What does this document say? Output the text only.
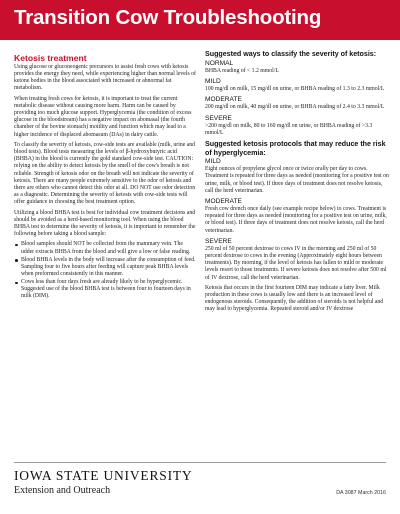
Transition Cow Troubleshooting
Ketosis treatment

Using glucose or gluconeogenic precursors to assist fresh cows with ketosis provides the energy they need, while experiencing higher than normal levels of ketone bodies in the blood associated with increased or abnormal fat metabolism.

When treating fresh cows for ketosis, it is important to treat the current metabolic disease without causing more harm. Harm can be caused by providing too much glucose support. Hyperglycemia (the condition of excess glucose in the bloodstream) has a negative impact on abomasal (the fourth chamber of the bovine stomach) motility and function which may lead to a higher incidence of displaced abomasum (DAs) in dairy cattle.

To classify the severity of ketosis, cow-side tests are available (milk, urine and blood tests). Blood tests measuring the levels of β-hydroxybutyric acid (BHBA) in the blood is currently the gold standard cow-side test. CAUTION: relying on the ability to detect ketosis by the smell of the cow's breath is not reliable. Strength of ketosis odor on the breath will not indicate the severity of ketosis. There are many people extremely sensitive to the odor of ketosis and there are others who cannot detect this odor at all. DO NOT use odor detection as a diagnostic. Determining the severity of ketosis with cow-side tests will offer guidance in choosing the best treatment option.

Utilizing a blood BHBA test is best for individual cow treatment decisions and should be avoided as a herd-based monitoring tool. When using the blood BHBA test to determine the severity of ketosis, it is important to remember the following before taking a blood sample:

Blood samples should NOT be collected from the mammary vein. The udder extracts BHBA from the blood and will give a low or false reading.
Blood BHBA levels in the body will increase after the consumption of feed. Sampling four to five hours after feeding will capture peak BHBA levels when preformed consistently in this manner.
Cows less than four days fresh are already likely to be hyperglycemic. Suggested use of the blood BHBA test is between four to fourteen days in milk (DIM).
Suggested ways to classify the severity of ketosis:
NORMAL

BHBA reading of < 1.2 mmol/L

MILD

100 mg/dl on milk, 15 mg/dl on urine, or BHBA reading of 1.3 to 2.3 mmol/L

MODERATE

200 mg/dl on milk, 40 mg/dl on urine, or BHBA reading of 2.4 to 3.3 mmol/L

SEVERE

>200 mg/dl on milk, 80 to 160 mg/dl on urine, or BHBA reading of >3.3 mmol/L

Suggested ketosis protocols that may reduce the risk of hyperglycemia:
MILD

Eight ounces of propylene glycol once or twice orally per day to cows. Treatment is repeated for three days as needed (monitoring for a positive test on urine, milk, or blood test). If three days of treatment does not resolve ketosis, call the herd veterinarian.

MODERATE

Fresh cow drench once daily (see example recipe below) to cows. Treatment is repeated for three days as needed (monitoring for a positive test on urine, milk, or blood test). If three days of treatment does not resolve ketosis, call the herd veterinarian.

SEVERE

250 ml of 50 percent dextrose to cows IV in the morning and 250 ml of 50 percent dextrose to cows in the evening (Approximately eight hours between treatments). By morning, if the level of ketosis has fallen to mild or moderate levels resort to those treatments. If severe ketosis does not resolve after 500 ml of IV dextrose, call the herd veterinarian.

Ketosis that occurs in the first fourteen DIM may indicate a fatty liver. Milk production in these cows is usually low and there is an increased level of endogenous steroids. Consequently, the addition of steroids is not helpful and may lead to hyperglycemia. Repeated steroid and/or IV dextrose

IOWA STATE UNIVERSITY
Extension and Outreach	DA 3087 March 2016
